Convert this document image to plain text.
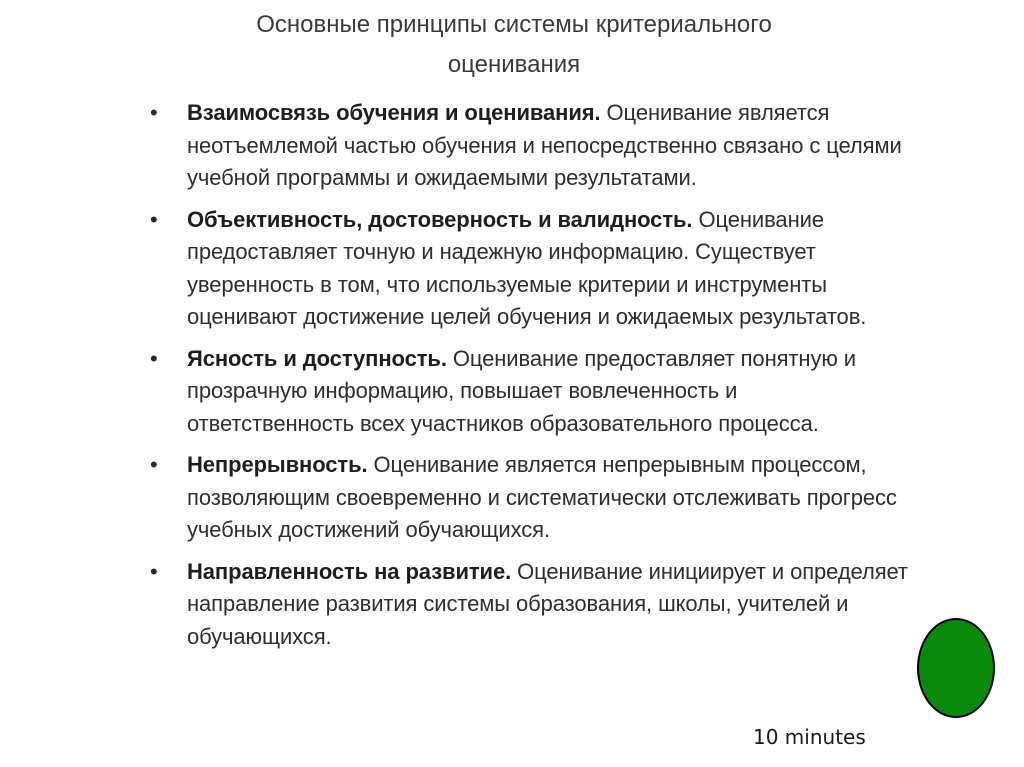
Основные принципы системы критериального
оценивания
• Взаимосвязь обучения и оценивания. Оценивание является неотъемлемой частью обучения и непосредственно связано с целями учебной программы и ожидаемыми результатами.
• Объективность, достоверность и валидность. Оценивание предоставляет точную и надежную информацию. Существует уверенность в том, что используемые критерии и инструменты оценивают достижение целей обучения и ожидаемых результатов.
• Ясность и доступность. Оценивание предоставляет понятную и прозрачную информацию, повышает вовлеченность и ответственность всех участников образовательного процесса.
• Непрерывность. Оценивание является непрерывным процессом, позволяющим своевременно и систематически отслеживать прогресс учебных достижений обучающихся.
• Направленность на развитие. Оценивание инициирует и определяет направление развития системы образования, школы, учителей и обучающихся.
10 minutes
